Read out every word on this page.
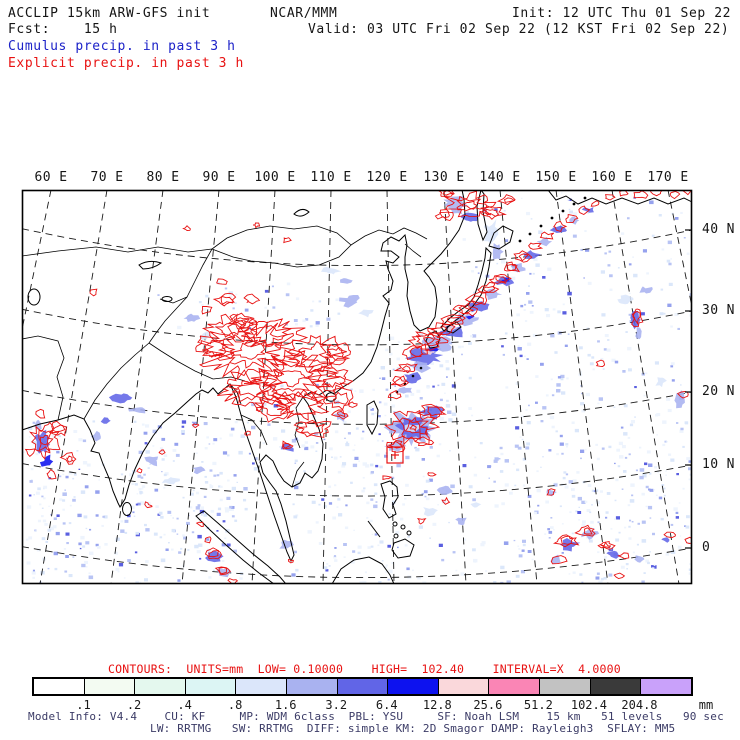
ACCLIP 15km ARW-GFS init	NCAR/MMM	Init: 12 UTC Thu 01 Sep 22
Fcst:    15 h	Valid: 03 UTC Fri 02 Sep 22 (12 KST Fri 02 Sep 22)
Cumulus precip. in past 3 h
Explicit precip. in past 3 h
60 E 70 E 80 E 90 E 100 E 110 E 120 E 130 E 140 E 150 E 160 E 170 E
40 N
30 N
20 N
10 N
0
CONTOURS:  UNITS=mm  LOW= 0.10000    HIGH=  102.40    INTERVAL=X  4.0000
.1	.2	.4	.8	1.6 3.2 6.4 12.8 25.6 51.2 102.4 204.8	mm
Model Info: V4.4    CU: KF     MP: WDM 6class  PBL: YSU     SF: Noah LSM    15 km   51 levels   90 sec
LW: RRTMG   SW: RRTMG  DIFF: simple KM: 2D Smagor DAMP: Rayleigh3  SFLAY: MM5
